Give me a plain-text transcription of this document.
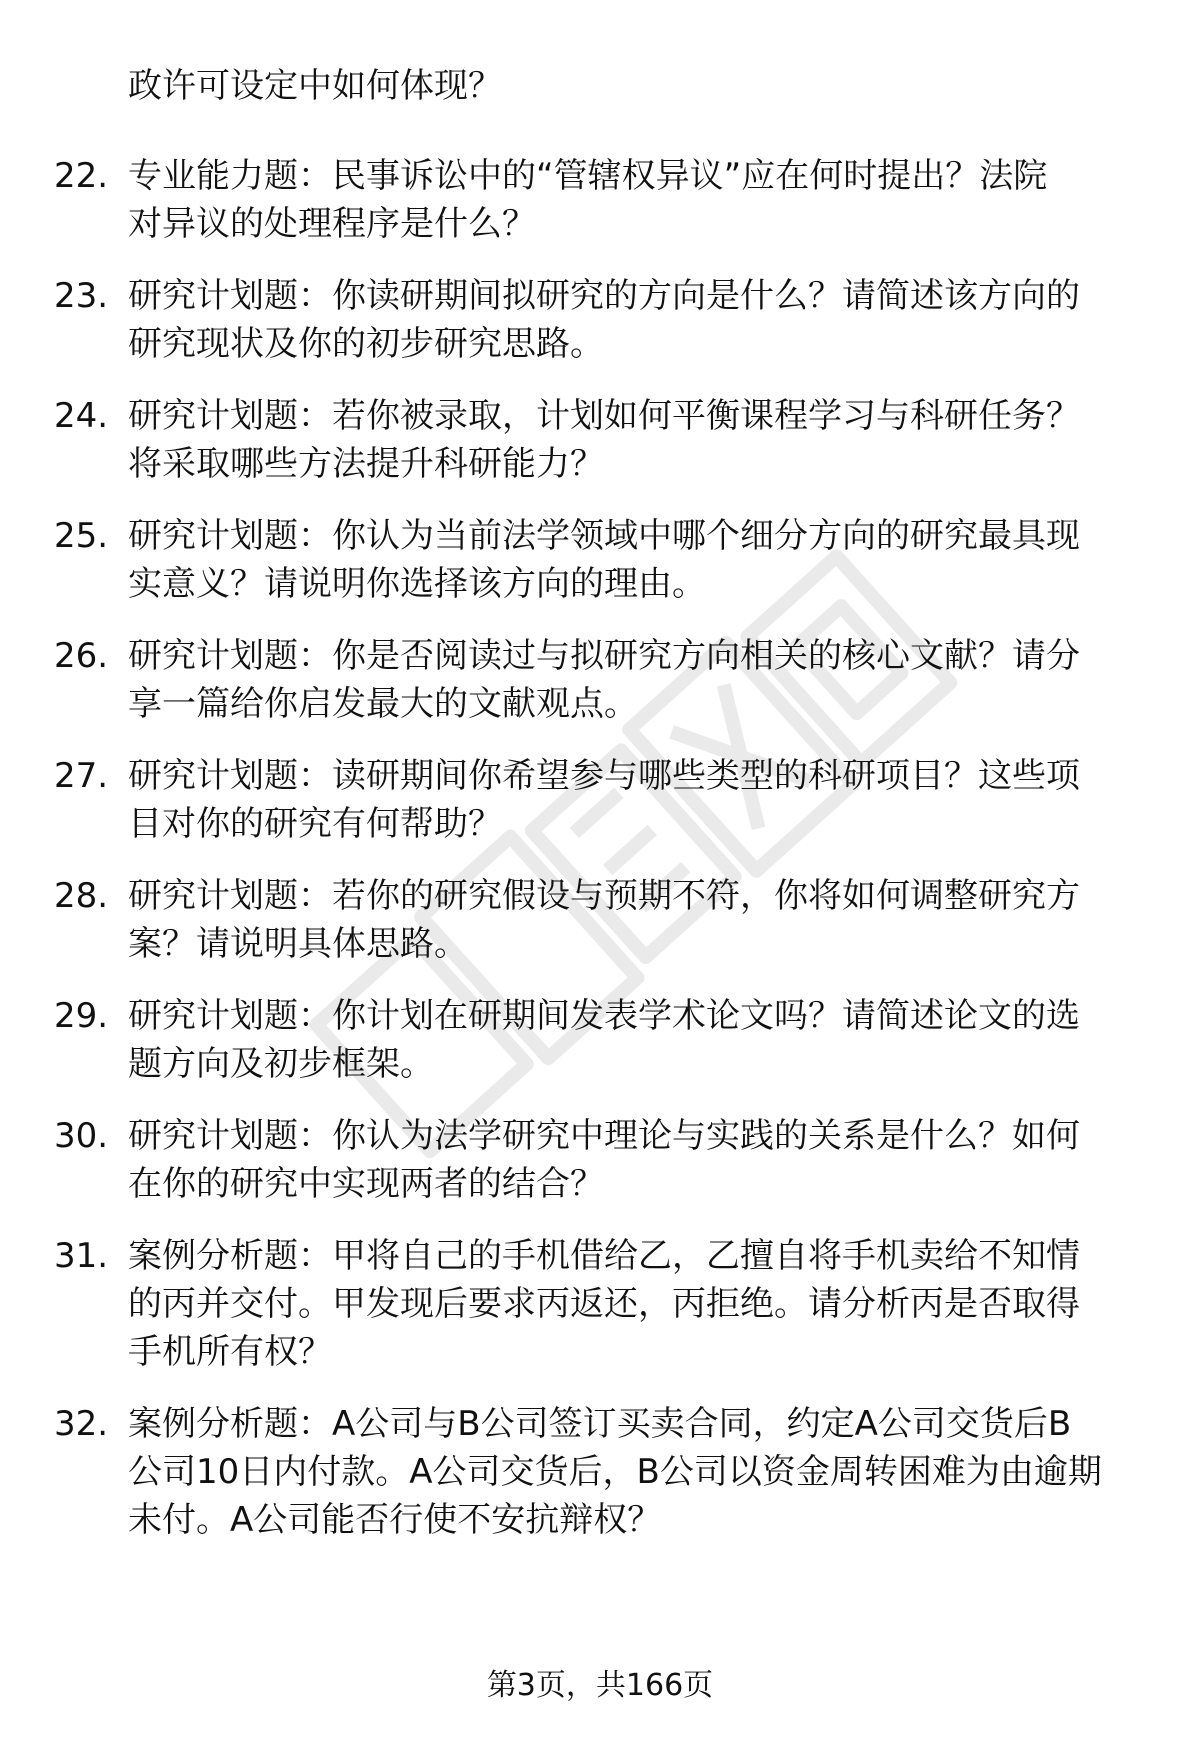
政许可设定中如何体现？
22. 专业能力题：民事诉讼中的“管辖权异议”应在何时提出？法院
对异议的处理程序是什么？
23. 研究计划题：你读研期间拟研究的方向是什么？请简述该方向的
研究现状及你的初步研究思路。
24. 研究计划题：若你被录取，计划如何平衡课程学习与科研任务？
将采取哪些方法提升科研能力？
25. 研究计划题：你认为当前法学领域中哪个细分方向的研究最具现
实意义？请说明你选择该方向的理由。
26. 研究计划题：你是否阅读过与拟研究方向相关的核心文献？请分
享一篇给你启发最大的文献观点。
27. 研究计划题：读研期间你希望参与哪些类型的科研项目？这些项
目对你的研究有何帮助？
28. 研究计划题：若你的研究假设与预期不符，你将如何调整研究方
案？请说明具体思路。
29. 研究计划题：你计划在研期间发表学术论文吗？请简述论文的选
题方向及初步框架。
30. 研究计划题：你认为法学研究中理论与实践的关系是什么？如何
在你的研究中实现两者的结合？
31. 案例分析题：甲将自己的手机借给乙，乙擅自将手机卖给不知情
的丙并交付。甲发现后要求丙返还，丙拒绝。请分析丙是否取得
手机所有权？
32. 案例分析题：A公司与B公司签订买卖合同，约定A公司交货后B
公司10日内付款。A公司交货后，B公司以资金周转困难为由逾期
未付。A公司能否行使不安抗辩权？
第3页，共166页
